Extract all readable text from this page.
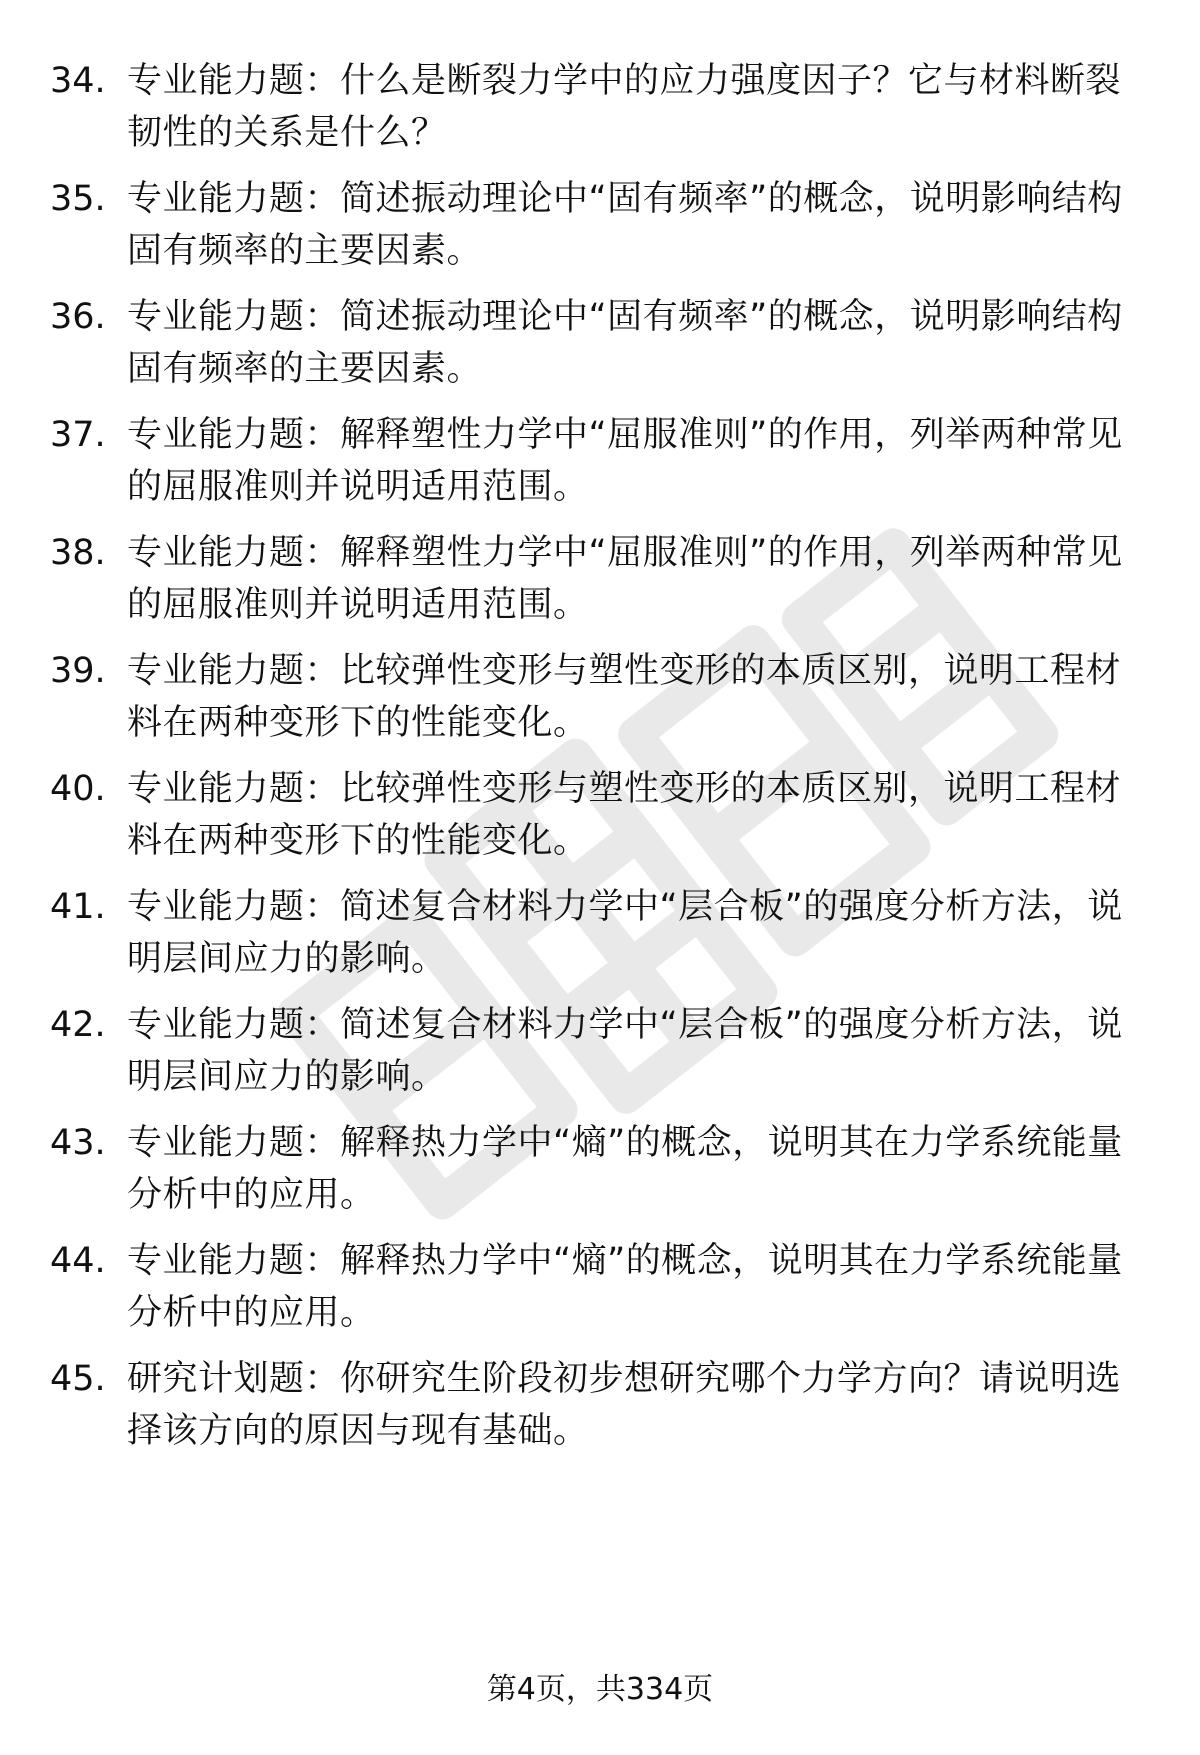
34. 专业能力题：什么是断裂力学中的应力强度因子？它与材料断裂韧性的关系是什么？
35. 专业能力题：简述振动理论中“固有频率”的概念，说明影响结构固有频率的主要因素。
36. 专业能力题：简述振动理论中“固有频率”的概念，说明影响结构固有频率的主要因素。
37. 专业能力题：解释塑性力学中“屈服准则”的作用，列举两种常见的屈服准则并说明适用范围。
38. 专业能力题：解释塑性力学中“屈服准则”的作用，列举两种常见的屈服准则并说明适用范围。
39. 专业能力题：比较弹性变形与塑性变形的本质区别，说明工程材料在两种变形下的性能变化。
40. 专业能力题：比较弹性变形与塑性变形的本质区别，说明工程材料在两种变形下的性能变化。
41. 专业能力题：简述复合材料力学中“层合板”的强度分析方法，说明层间应力的影响。
42. 专业能力题：简述复合材料力学中“层合板”的强度分析方法，说明层间应力的影响。
43. 专业能力题：解释热力学中“熵”的概念，说明其在力学系统能量分析中的应用。
44. 专业能力题：解释热力学中“熵”的概念，说明其在力学系统能量分析中的应用。
45. 研究计划题：你研究生阶段初步想研究哪个力学方向？请说明选择该方向的原因与现有基础。
第4页，共334页
